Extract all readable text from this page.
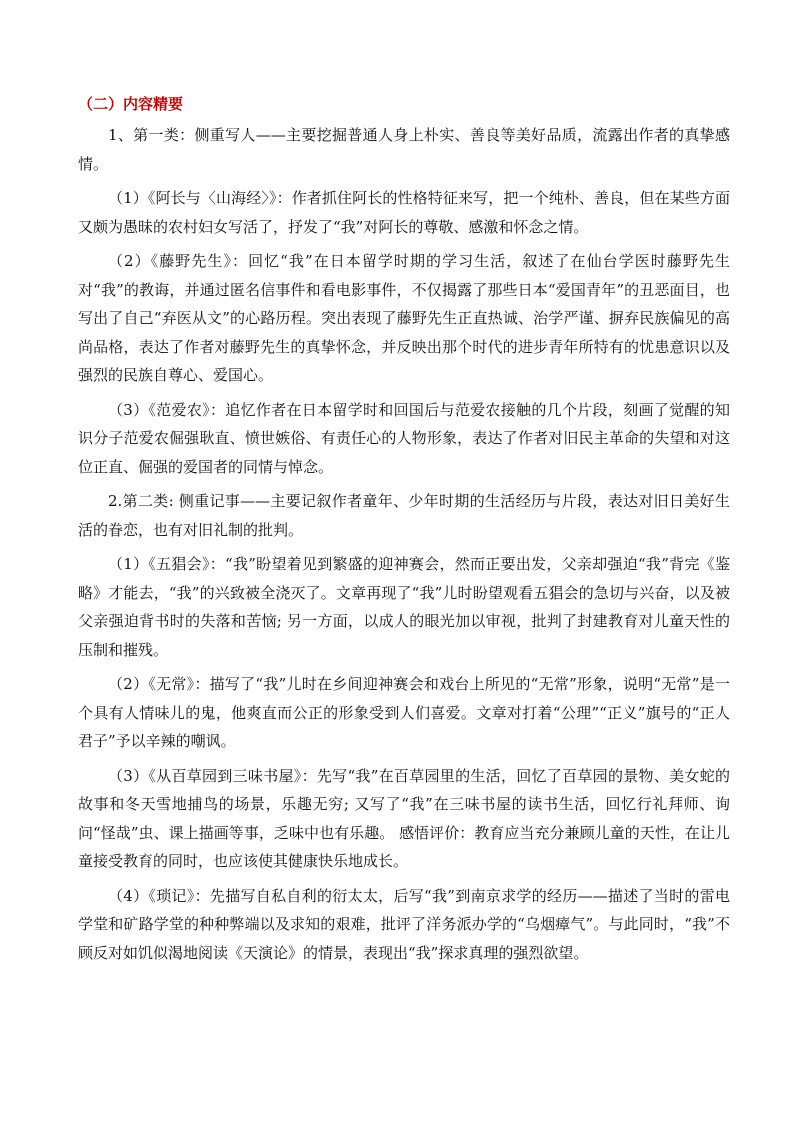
（二）内容精要

1、第一类：侧重写人——主要挖掘普通人身上朴实、善良等美好品质，流露出作者的真挚感情。

（1）《阿长与〈山海经〉》：作者抓住阿长的性格特征来写，把一个纯朴、善良，但在某些方面又颇为愚昧的农村妇女写活了，抒发了“我”对阿长的尊敬、感激和怀念之情。

（2）《藤野先生》：回忆“我”在日本留学时期的学习生活，叙述了在仙台学医时藤野先生对“我”的教诲，并通过匿名信事件和看电影事件，不仅揭露了那些日本“爱国青年”的丑恶面目，也写出了自己“弃医从文”的心路历程。突出表现了藤野先生正直热诚、治学严谨、摒弃民族偏见的高尚品格，表达了作者对藤野先生的真挚怀念，并反映出那个时代的进步青年所特有的忧患意识以及强烈的民族自尊心、爱国心。

（3）《范爱农》：追忆作者在日本留学时和回国后与范爱农接触的几个片段，刻画了觉醒的知识分子范爱农倔强耿直、愤世嫉俗、有责任心的人物形象，表达了作者对旧民主革命的失望和对这位正直、倔强的爱国者的同情与悼念。

2.第二类: 侧重记事——主要记叙作者童年、少年时期的生活经历与片段，表达对旧日美好生活的眷恋，也有对旧礼制的批判。

（1）《五猖会》：“我”盼望着见到繁盛的迎神赛会，然而正要出发，父亲却强迫“我”背完《鉴略》才能去，“我”的兴致被全浇灭了。文章再现了“我”儿时盼望观看五猖会的急切与兴奋，以及被父亲强迫背书时的失落和苦恼; 另一方面，以成人的眼光加以审视，批判了封建教育对儿童天性的压制和摧残。

（2）《无常》：描写了“我”儿时在乡间迎神赛会和戏台上所见的“无常”形象，说明“无常”是一个具有人情味儿的鬼，他爽直而公正的形象受到人们喜爱。文章对打着“公理”“正义”旗号的“正人君子”予以辛辣的嘲讽。

（3）《从百草园到三味书屋》：先写“我”在百草园里的生活，回忆了百草园的景物、美女蛇的故事和冬天雪地捕鸟的场景，乐趣无穷; 又写了“我”在三味书屋的读书生活，回忆行礼拜师、询问“怪哉”虫、课上描画等事，乏味中也有乐趣。 感悟评价：教育应当充分兼顾儿童的天性，在让儿童接受教育的同时，也应该使其健康快乐地成长。

（4）《琐记》：先描写自私自利的衍太太，后写“我”到南京求学的经历——描述了当时的雷电学堂和矿路学堂的种种弊端以及求知的艰难，批评了洋务派办学的“乌烟瘴气”。与此同时，“我”不顾反对如饥似渴地阅读《天演论》的情景，表现出“我”探求真理的强烈欲望。
